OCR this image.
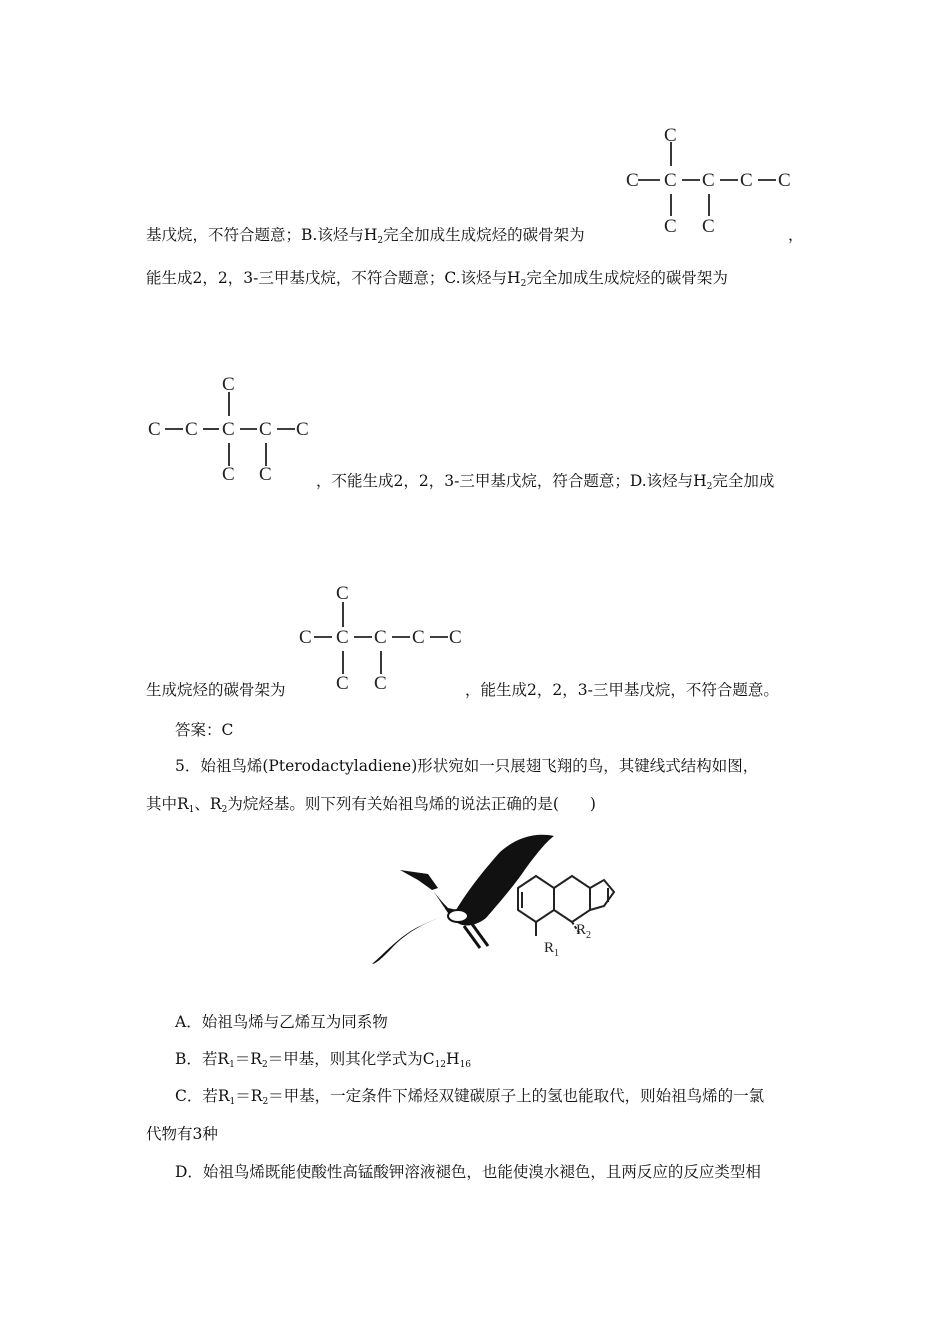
C
C C C C C
C C
基戊烷，不符合题意；B.该烃与$H_2$完全加成生成烷烃的碳骨架为	，
能生成2，2，3-三甲基戊烷，不符合题意；C.该烃与$H_2$完全加成生成烷烃的碳骨架为
C
C C C C C
C C	，不能生成2，2，3-三甲基戊烷，符合题意；D.该烃与$H_2$完全加成
C
C C C C C
C C
生成烷烃的碳骨架为	，能生成2，2，3-三甲基戊烷，不符合题意。
答案：C
5．始祖鸟烯(Pterodactyladiene)形状宛如一只展翅飞翔的鸟，其键线式结构如图，
其中$R_1$、$R_2$为烷烃基。则下列有关始祖鸟烯的说法正确的是(　　)
$R_1$
$R_2$
A．始祖鸟烯与乙烯互为同系物
B．若$R_1=R_2=$甲基，则其化学式为$C_{12}H_{16}$
C．若$R_1=R_2=$甲基，一定条件下烯烃双键碳原子上的氢也能取代，则始祖鸟烯的一氯
代物有3种
D．始祖鸟烯既能使酸性高锰酸钾溶液褪色，也能使溴水褪色，且两反应的反应类型相
